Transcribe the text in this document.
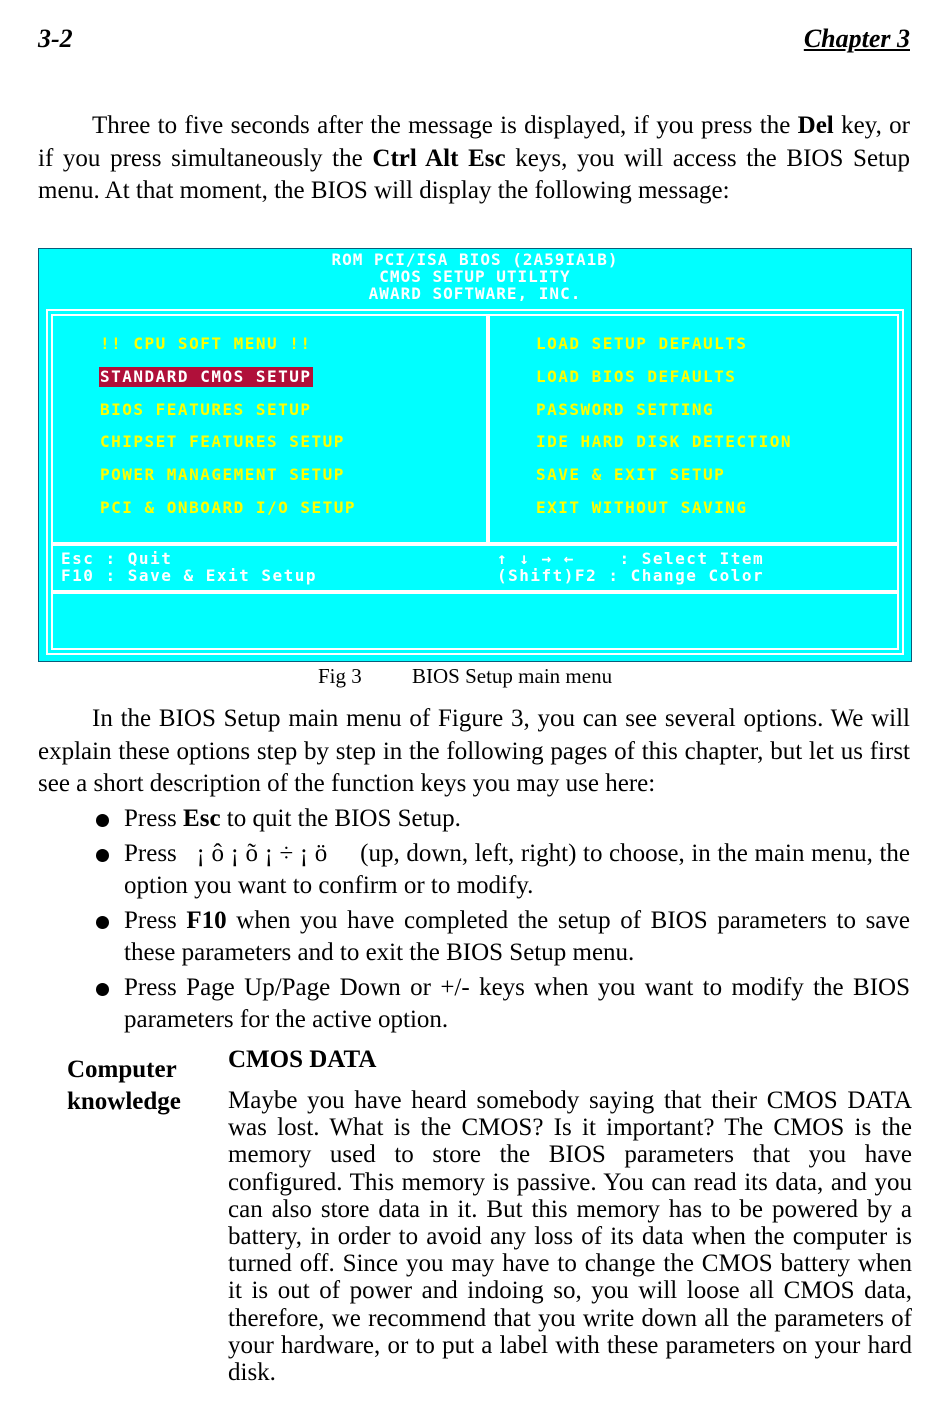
3-2	Chapter 3
Three to five seconds after the message is displayed, if you press the Del key, or if you press simultaneously the Ctrl Alt Esc keys, you will access the BIOS Setup menu. At that moment, the BIOS will display the following message:
ROM PCI/ISA BIOS (2A59IA1B)
CMOS SETUP UTILITY
AWARD SOFTWARE, INC.
!! CPU SOFT MENU !!
STANDARD CMOS SETUP
BIOS FEATURES SETUP
CHIPSET FEATURES SETUP
POWER MANAGEMENT SETUP
PCI & ONBOARD I/O SETUP
LOAD SETUP DEFAULTS
LOAD BIOS DEFAULTS
PASSWORD SETTING
IDE HARD DISK DETECTION
SAVE & EXIT SETUP
EXIT WITHOUT SAVING
Esc : Quit
F10 : Save & Exit Setup
↑ ↓ → ←    : Select Item
(Shift)F2 : Change Color
Fig 3 BIOS Setup main menu
In the BIOS Setup main menu of Figure 3, you can see several options. We will explain these options step by step in the following pages of this chapter, but let us first see a short description of the function keys you may use here:
Press Esc to quit the BIOS Setup.
Press   ¡ ô ¡ õ ¡ ÷ ¡ ö     (up, down, left, right) to choose, in the main menu, the option you want to confirm or to modify.
Press F10 when you have completed the setup of BIOS parameters to save these parameters and to exit the BIOS Setup menu.
Press Page Up/Page Down or +/- keys when you want to modify the BIOS parameters for the active option.
Computer
knowledge
CMOS DATA
Maybe you have heard somebody saying that their CMOS DATA was lost. What is the CMOS? Is it important? The CMOS is the memory used to store the BIOS parameters that you have configured. This memory is passive. You can read its data, and you can also store data in it. But this memory has to be powered by a battery, in order to avoid any loss of its data when the computer is turned off. Since you may have to change the CMOS battery when it is out of power and indoing so, you will loose all CMOS data, therefore, we recommend that you write down all the parameters of your hardware, or to put a label with these parameters on your hard disk.
